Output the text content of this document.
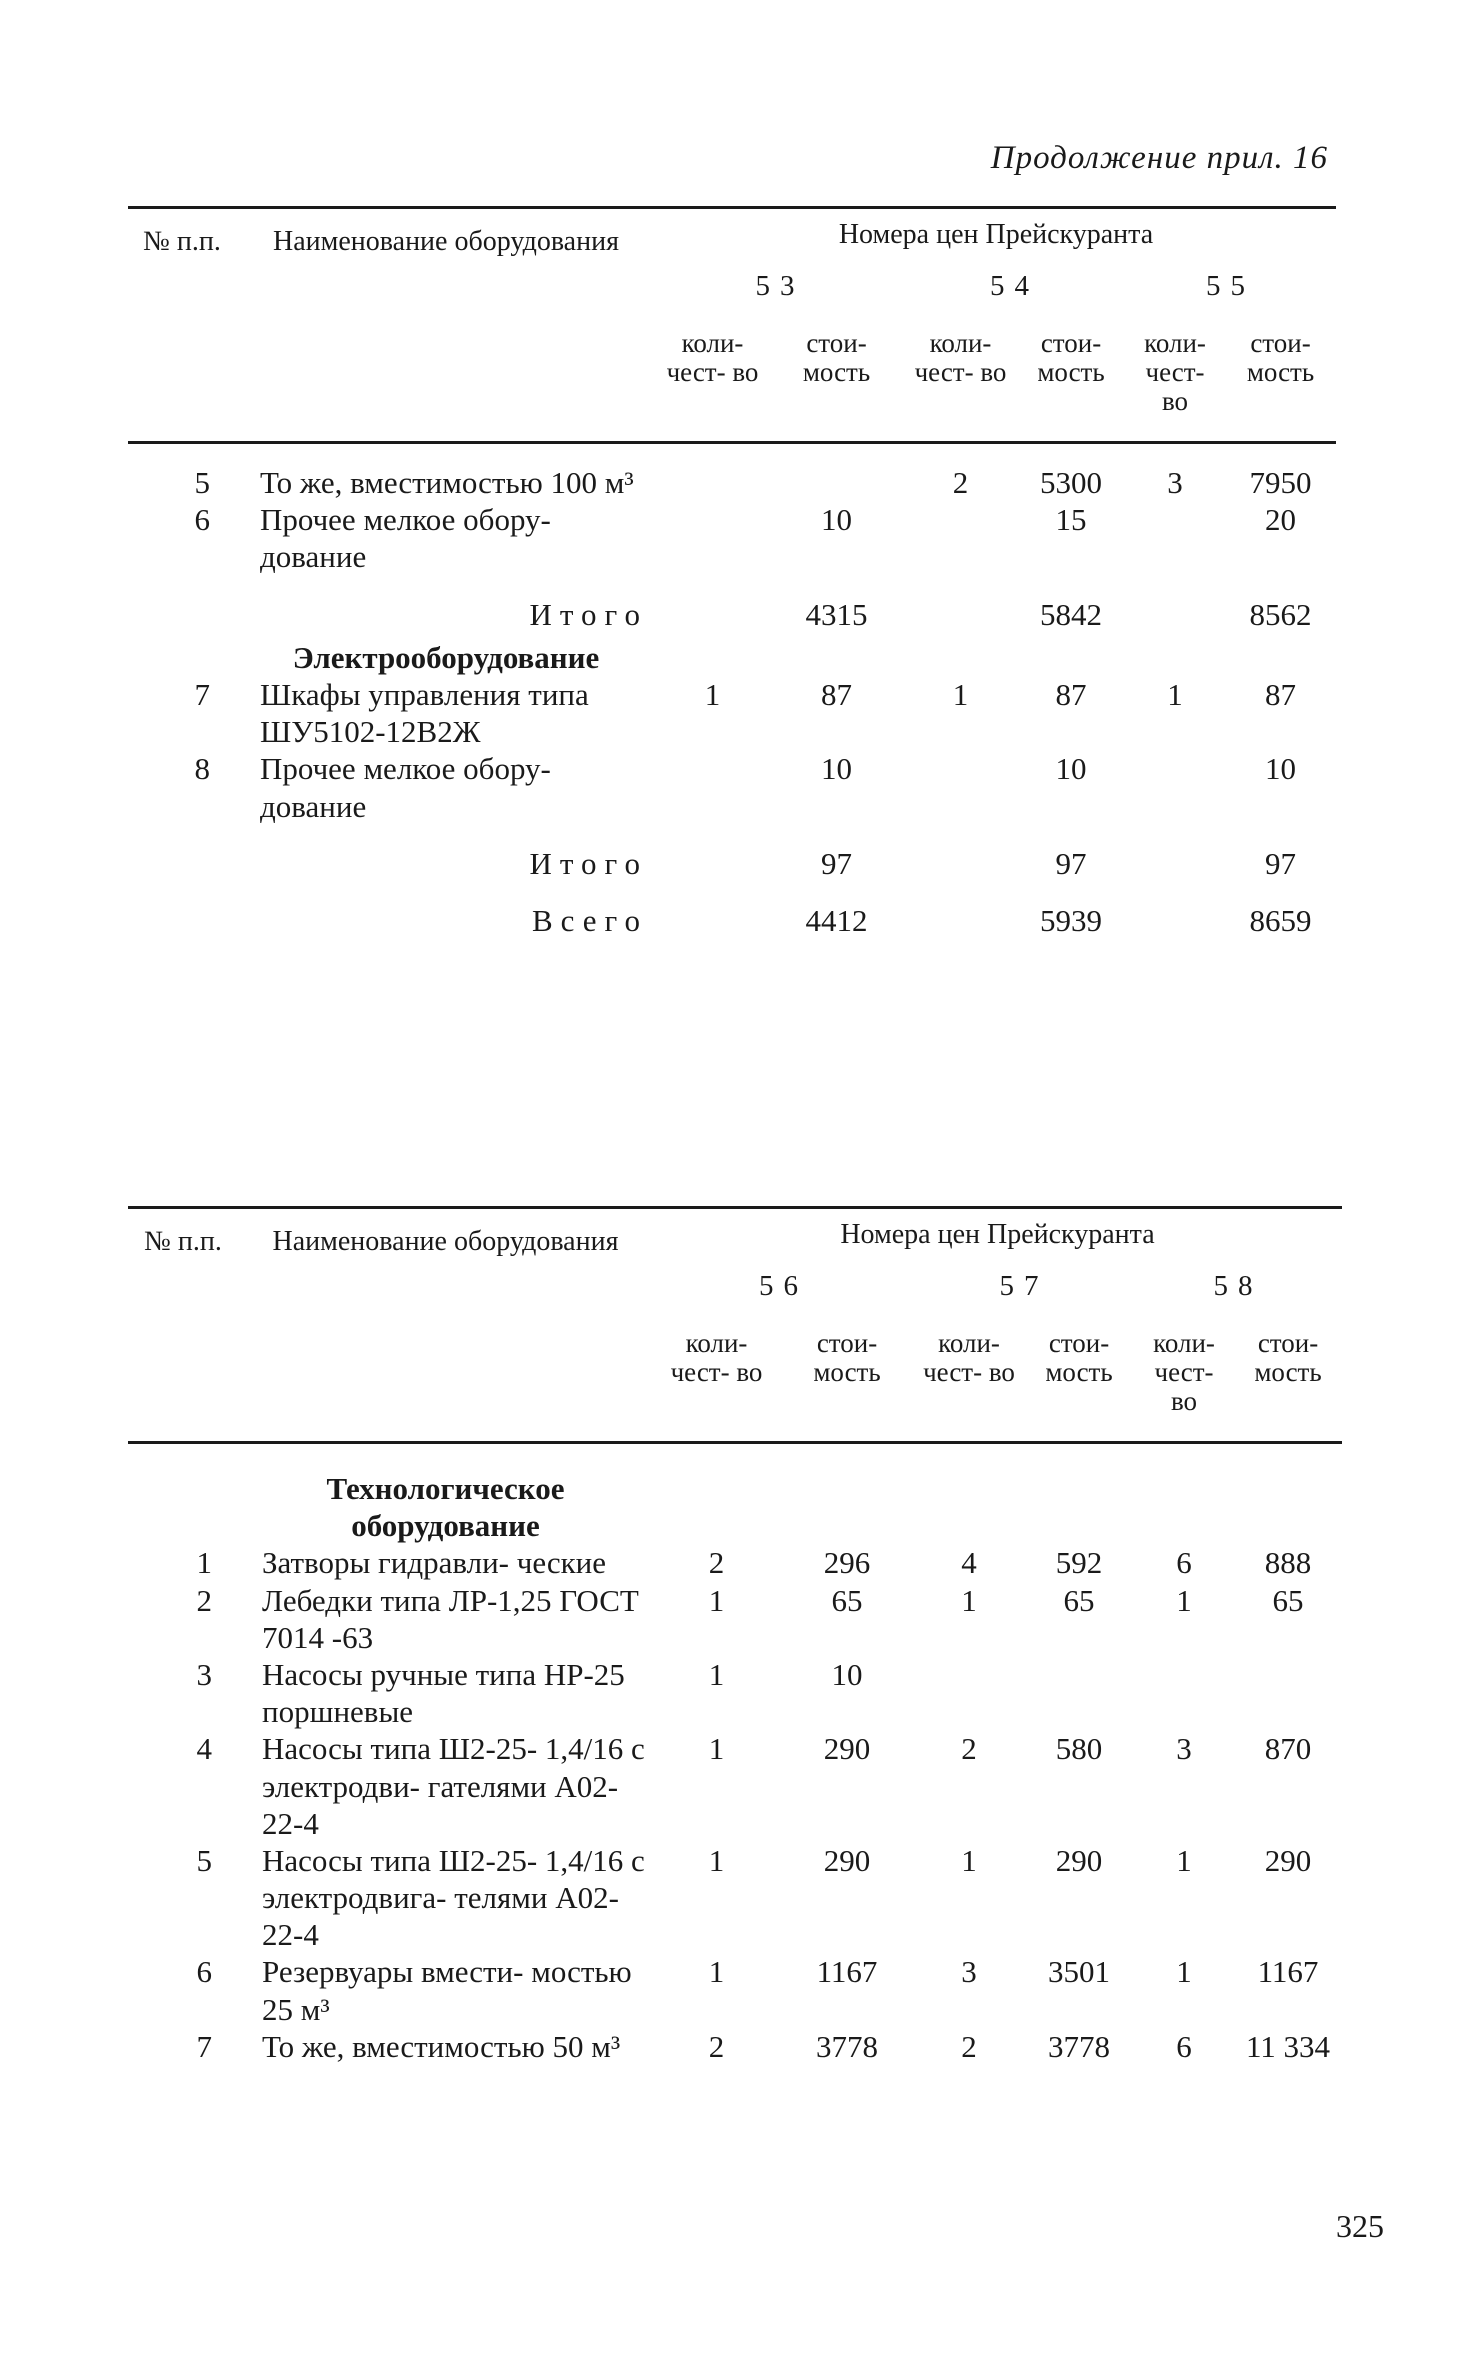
Продолжение прил. 16
№ п.п.	Наименование оборудования	Номера цен Прейскуранта					
		53		54		55	
		коли- чест- во	стои- мость	коли- чест- во	стои- мость	коли- чест- во	стои- мость

5	То же, вместимостью 100 м³			2	5300	3	7950
6	Прочее мелкое обору- дование		10		15		20

	Итого		4315		5842		8562
	Электрооборудование						
7	Шкафы управления типа ШУ5102-12В2Ж	1	87	1	87	1	87
8	Прочее мелкое обору- дование		10		10		10

	Итого		97		97		97

	Всего		4412		5939		8659
№ п.п.	Наименование оборудования	Номера цен Прейскуранта					
		56		57		58	
		коли- чест- во	стои- мость	коли- чест- во	стои- мость	коли- чест- во	стои- мость

	Технологическое оборудование						
1	Затворы гидравли- ческие	2	296	4	592	6	888
2	Лебедки типа ЛР-1,25 ГОСТ 7014 -63	1	65	1	65	1	65
3	Насосы ручные типа НР-25 поршневые	1	10				
4	Насосы типа Ш2-25- 1,4/16 с электродви- гателями А02-22-4	1	290	2	580	3	870
5	Насосы типа Ш2-25- 1,4/16 с электродвига- телями А02-22-4	1	290	1	290	1	290
6	Резервуары вмести- мостью 25 м³	1	1167	3	3501	1	1167
7	То же, вместимостью 50 м³	2	3778	2	3778	6	11 334
325
